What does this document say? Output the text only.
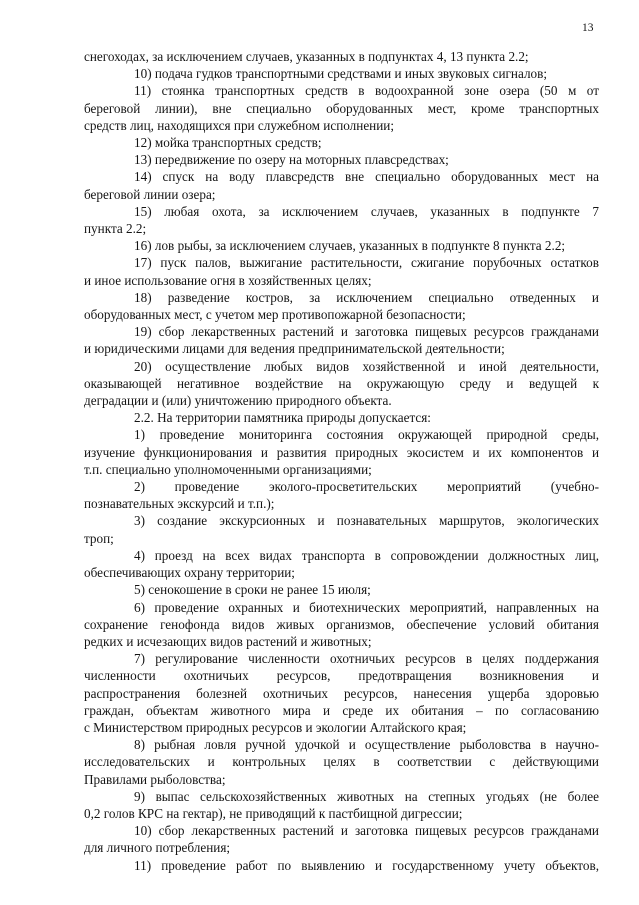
13
снегоходах, за исключением случаев, указанных в подпунктах 4, 13 пункта 2.2;
10) подача гудков транспортными средствами и иных звуковых сигналов;
11) стоянка транспортных средств в водоохранной зоне озера (50 м от
береговой линии), вне специально оборудованных мест, кроме транспортных
средств лиц, находящихся при служебном исполнении;
12) мойка транспортных средств;
13) передвижение по озеру на моторных плавсредствах;
14) спуск на воду плавсредств вне специально оборудованных мест на
береговой линии озера;
15) любая охота, за исключением случаев, указанных в подпункте 7
пункта 2.2;
16) лов рыбы, за исключением случаев, указанных в подпункте 8 пункта 2.2;
17) пуск палов, выжигание растительности, сжигание порубочных остатков
и иное использование огня в хозяйственных целях;
18) разведение костров, за исключением специально отведенных и
оборудованных мест, с учетом мер противопожарной безопасности;
19) сбор лекарственных растений и заготовка пищевых ресурсов гражданами
и юридическими лицами для ведения предпринимательской деятельности;
20) осуществление любых видов хозяйственной и иной деятельности,
оказывающей негативное воздействие на окружающую среду и ведущей к
деградации и (или) уничтожению природного объекта.
2.2. На территории памятника природы допускается:
1) проведение мониторинга состояния окружающей природной среды,
изучение функционирования и развития природных экосистем и их компонентов и
т.п. специально уполномоченными организациями;
2) проведение эколого-просветительских мероприятий (учебно-
познавательных экскурсий и т.п.);
3) создание экскурсионных и познавательных маршрутов, экологических
троп;
4) проезд на всех видах транспорта в сопровождении должностных лиц,
обеспечивающих охрану территории;
5) сенокошение в сроки не ранее 15 июля;
6) проведение охранных и биотехнических мероприятий, направленных на
сохранение генофонда видов живых организмов, обеспечение условий обитания
редких и исчезающих видов растений и животных;
7) регулирование численности охотничьих ресурсов в целях поддержания
численности охотничьих ресурсов, предотвращения возникновения и
распространения болезней охотничьих ресурсов, нанесения ущерба здоровью
граждан, объектам животного мира и среде их обитания – по согласованию
с Министерством природных ресурсов и экологии Алтайского края;
8) рыбная ловля ручной удочкой и осуществление рыболовства в научно-
исследовательских и контрольных целях в соответствии с действующими
Правилами рыболовства;
9) выпас сельскохозяйственных животных на степных угодьях (не более
0,2 голов КРС на гектар), не приводящий к пастбищной дигрессии;
10) сбор лекарственных растений и заготовка пищевых ресурсов гражданами
для личного потребления;
11) проведение работ по выявлению и государственному учету объектов,
